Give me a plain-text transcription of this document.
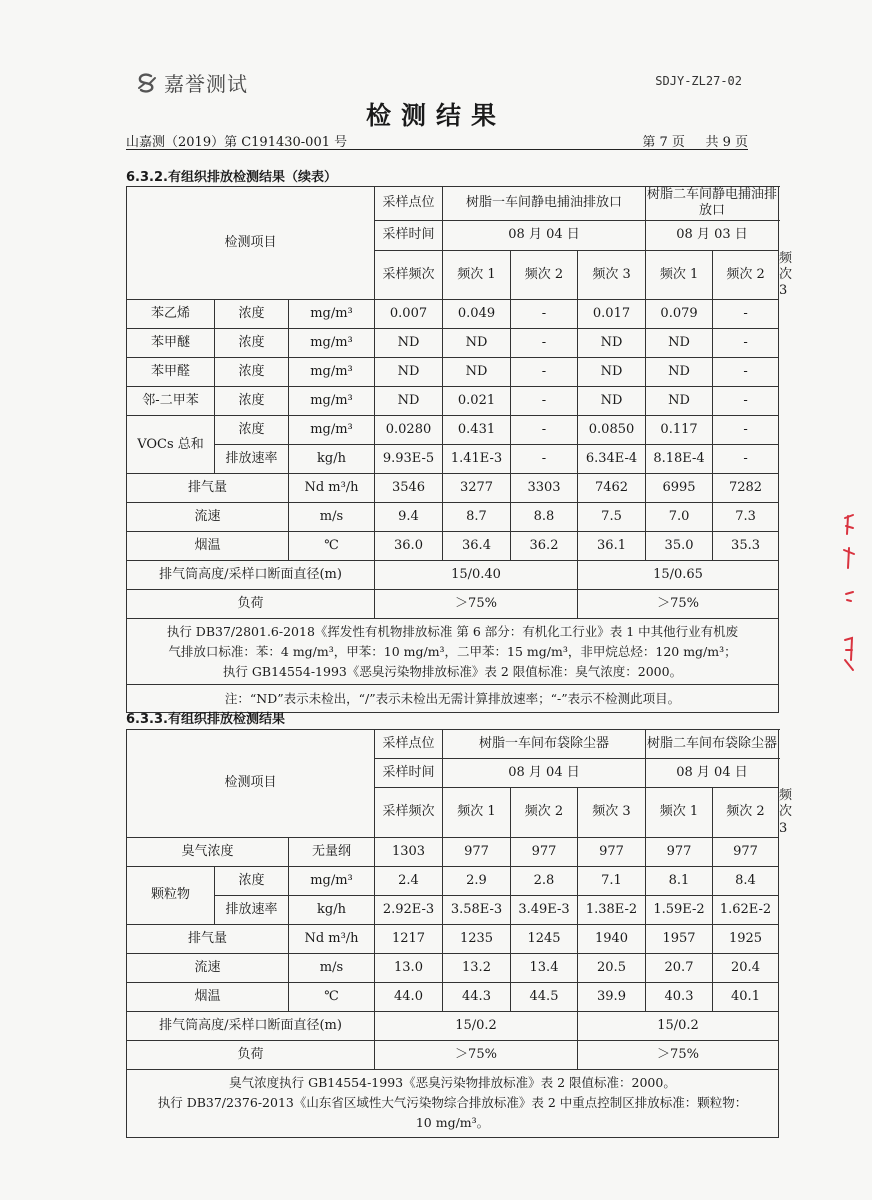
嘉誉测试	SDJY-ZL27-02
检测结果
山嘉测（2019）第 C191430-001 号	第 7 页 共 9 页
6.3.2.有组织排放检测结果（续表）
检测项目			采样点位	树脂一车间静电捕油排放口			树脂二车间静电捕油排放口		
			采样时间	08 月 04 日			08 月 03 日		
			采样频次	频次 1	频次 2	频次 3	频次 1	频次 2	频次 3
苯乙烯	浓度	mg/m³	0.007	0.049	-	0.017	0.079	-	
苯甲醚	浓度	mg/m³	ND	ND	-	ND	ND	-	
苯甲醛	浓度	mg/m³	ND	ND	-	ND	ND	-	
邻-二甲苯	浓度	mg/m³	ND	0.021	-	ND	ND	-	
VOCs 总和	浓度	mg/m³	0.0280	0.431	-	0.0850	0.117	-	
	排放速率	kg/h	9.93E-5	1.41E-3	-	6.34E-4	8.18E-4	-	
排气量		Nd m³/h	3546	3277	3303	7462	6995	7282	
流速		m/s	9.4	8.7	8.8	7.5	7.0	7.3	
烟温		℃	36.0	36.4	36.2	36.1	35.0	35.3	
排气筒高度/采样口断面直径(m)			15/0.40			15/0.65			
负荷			＞75%			＞75%			

执行 DB37/2801.6-2018《挥发性有机物排放标准 第 6 部分：有机化工行业》表 1 中其他行业有机废
气排放口标准：苯：4 mg/m³，甲苯：10 mg/m³，二甲苯：15 mg/m³，非甲烷总烃：120 mg/m³；
执行 GB14554-1993《恶臭污染物排放标准》表 2 限值标准：臭气浓度：2000。									

注：“ND”表示未检出，“/”表示未检出无需计算排放速率；“-”表示不检测此项目。									
6.3.3.有组织排放检测结果
检测项目			采样点位	树脂一车间布袋除尘器			树脂二车间布袋除尘器		
			采样时间	08 月 04 日			08 月 04 日		
			采样频次	频次 1	频次 2	频次 3	频次 1	频次 2	频次 3
臭气浓度		无量纲	1303	977	977	977	977	977	
颗粒物	浓度	mg/m³	2.4	2.9	2.8	7.1	8.1	8.4	
	排放速率	kg/h	2.92E-3	3.58E-3	3.49E-3	1.38E-2	1.59E-2	1.62E-2	
排气量		Nd m³/h	1217	1235	1245	1940	1957	1925	
流速		m/s	13.0	13.2	13.4	20.5	20.7	20.4	
烟温		℃	44.0	44.3	44.5	39.9	40.3	40.1	
排气筒高度/采样口断面直径(m)			15/0.2			15/0.2			
负荷			＞75%			＞75%			

臭气浓度执行 GB14554-1993《恶臭污染物排放标准》表 2 限值标准：2000。
执行 DB37/2376-2013《山东省区域性大气污染物综合排放标准》表 2 中重点控制区排放标准：颗粒物：
10 mg/m³。									
